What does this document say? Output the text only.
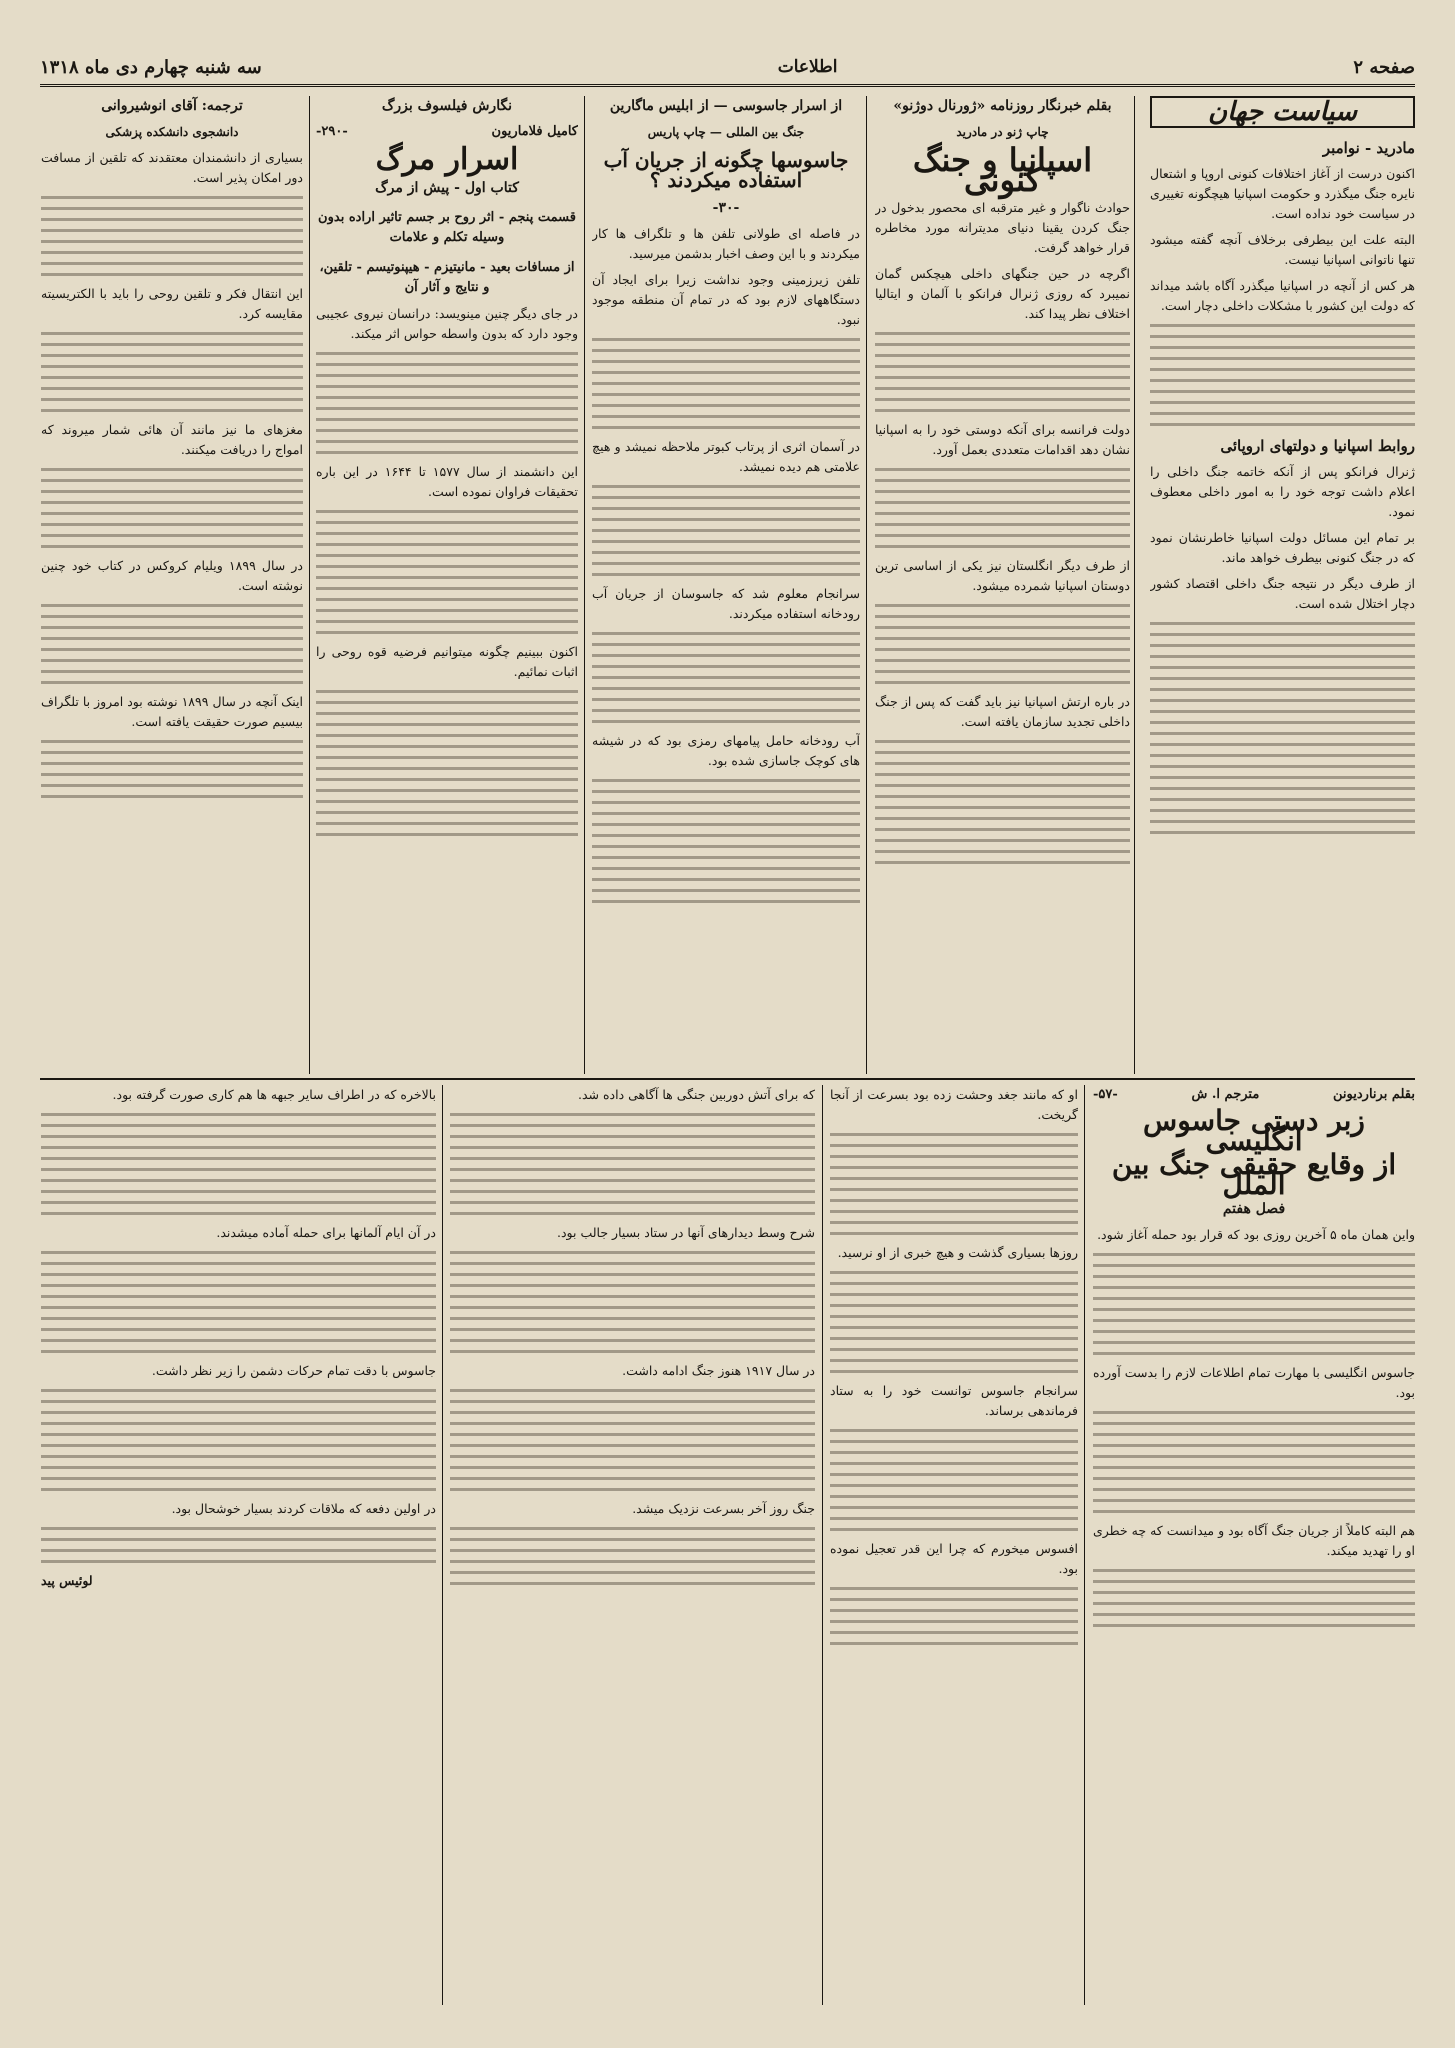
صفحه ۲
اطلاعات
سه شنبه چهارم دی ماه ۱۳۱۸
سیاست جهان
مادرید - نوامبر

اکنون درست از آغاز اختلافات کنونی اروپا و اشتعال نایره جنگ میگذرد و حکومت اسپانیا هیچگونه تغییری در سیاست خود نداده است.

البته علت این بیطرفی برخلاف آنچه گفته میشود تنها ناتوانی اسپانیا نیست.

هر کس از آنچه در اسپانیا میگذرد آگاه باشد میداند که دولت این کشور با مشکلات داخلی دچار است.

روابط اسپانیا و دولتهای اروپائی

ژنرال فرانکو پس از آنکه خاتمه جنگ داخلی را اعلام داشت توجه خود را به امور داخلی معطوف نمود.

بر تمام این مسائل دولت اسپانیا خاطرنشان نمود که در جنگ کنونی بیطرف خواهد ماند.

از طرف دیگر در نتیجه جنگ داخلی اقتصاد کشور دچار اختلال شده است.

بقلم خبرنگار روزنامه «ژورنال دوژنو»
چاپ ژنو در مادرید
اسپانیا و جنگ کنونی

حوادث ناگوار و غیر مترقبه ای محصور بدخول در جنگ کردن یقینا دنیای مدیترانه مورد مخاطره قرار خواهد گرفت.

اگرچه در حین جنگهای داخلی هیچکس گمان نمیبرد که روزی ژنرال فرانکو با آلمان و ایتالیا اختلاف نظر پیدا کند.

دولت فرانسه برای آنکه دوستی خود را به اسپانیا نشان دهد اقدامات متعددی بعمل آورد.

از طرف دیگر انگلستان نیز یکی از اساسی ترین دوستان اسپانیا شمرده میشود.

در باره ارتش اسپانیا نیز باید گفت که پس از جنگ داخلی تجدید سازمان یافته است.

از اسرار جاسوسی — از ابلیس ماگارین
جنگ بین المللی — چاپ پاریس
جاسوسها چگونه از جریان آب استفاده میکردند ؟
-۳۰-

در فاصله ای طولانی تلفن ها و تلگراف ها کار میکردند و با این وصف اخبار بدشمن میرسید.

تلفن زیرزمینی وجود نداشت زیرا برای ایجاد آن دستگاههای لازم بود که در تمام آن منطقه موجود نبود.

در آسمان اثری از پرتاب کبوتر ملاحظه نمیشد و هیچ علامتی هم دیده نمیشد.

سرانجام معلوم شد که جاسوسان از جریان آب رودخانه استفاده میکردند.

آب رودخانه حامل پیامهای رمزی بود که در شیشه های کوچک جاسازی شده بود.

نگارش فیلسوف بزرگ
کامیل فلاماریون
-۲۹۰-
اسرار مرگ
کتاب اول - پیش از مرگ
قسمت پنجم - اثر روح بر جسم تاثیر اراده بدون وسیله تکلم و علامات
از مسافات بعید - مانیتیزم - هیپنوتیسم - تلقین، و نتایج و آثار آن

در جای دیگر چنین مینویسد: درانسان نیروی عجیبی وجود دارد که بدون واسطه حواس اثر میکند.

این دانشمند از سال ۱۵۷۷ تا ۱۶۴۴ در این باره تحقیقات فراوان نموده است.

اکنون ببینیم چگونه میتوانیم فرضیه قوه روحی را اثبات نمائیم.

ترجمه: آقای انوشیروانی
دانشجوی دانشکده پزشکی

بسیاری از دانشمندان معتقدند که تلقین از مسافت دور امکان پذیر است.

این انتقال فکر و تلقین روحی را باید با الکتریسیته مقایسه کرد.

مغزهای ما نیز مانند آن هائی شمار میروند که امواج را دریافت میکنند.

در سال ۱۸۹۹ ویلیام کروکس در کتاب خود چنین نوشته است.

اینک آنچه در سال ۱۸۹۹ نوشته بود امروز با تلگراف بیسیم صورت حقیقت یافته است.

بقلم برناردیونن
مترجم ا. ش
-۵۷-
زبر دستی جاسوس انگلیسی
از وقایع حقیقی جنگ بین الملل
فصل هفتم

واین همان ماه ۵ آخرین روزی بود که قرار بود حمله آغاز شود.

جاسوس انگلیسی با مهارت تمام اطلاعات لازم را بدست آورده بود.

هم البته کاملاً از جریان جنگ آگاه بود و میدانست که چه خطری او را تهدید میکند.

او که مانند جغد وحشت زده بود بسرعت از آنجا گریخت.

روزها بسیاری گذشت و هیچ خبری از او نرسید.

سرانجام جاسوس توانست خود را به ستاد فرماندهی برساند.

افسوس میخورم که چرا این قدر تعجیل نموده بود.

که برای آتش دوربین جنگی ها آگاهی داده شد.

شرح وسط دیدارهای آنها در ستاد بسیار جالب بود.

در سال ۱۹۱۷ هنوز جنگ ادامه داشت.

جنگ روز آخر بسرعت نزدیک میشد.

بالاخره که در اطراف سایر جبهه ها هم کاری صورت گرفته بود.

در آن ایام آلمانها برای حمله آماده میشدند.

جاسوس با دقت تمام حرکات دشمن را زیر نظر داشت.

در اولین دفعه که ملاقات کردند بسیار خوشحال بود.

لوئیس پید
